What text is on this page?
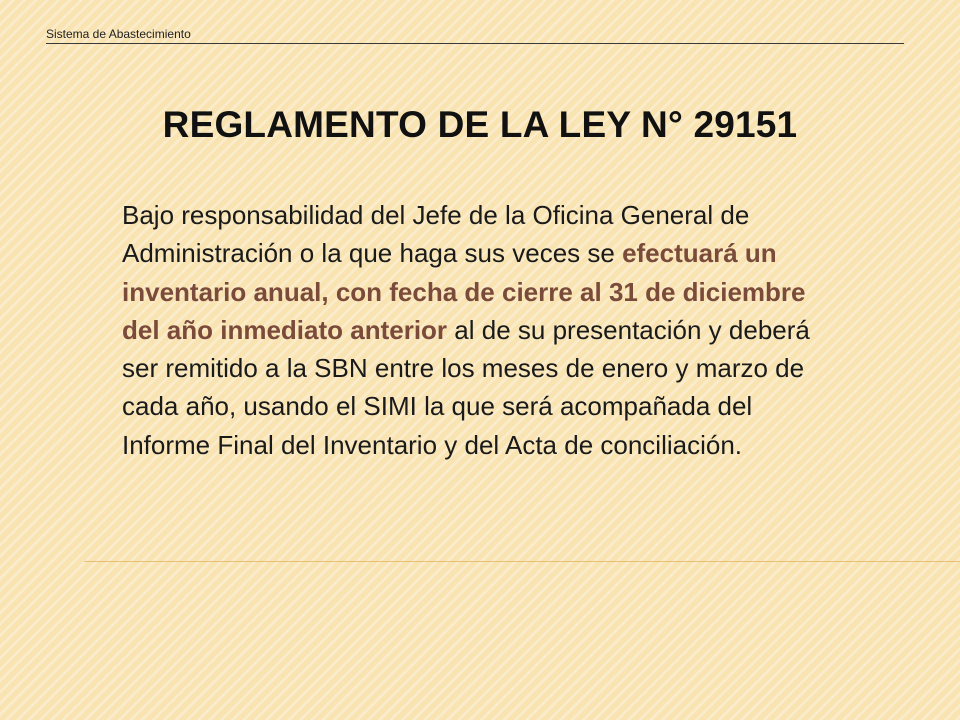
Sistema de Abastecimiento
REGLAMENTO DE LA LEY N° 29151

Bajo responsabilidad del Jefe de la Oficina General de Administración o la que haga sus veces se efectuará un inventario anual, con fecha de cierre al 31 de diciembre del año inmediato anterior al de su presentación y deberá ser remitido a la SBN entre los meses de enero y marzo de cada año, usando el SIMI la que será acompañada del Informe Final del Inventario y del Acta de conciliación.
